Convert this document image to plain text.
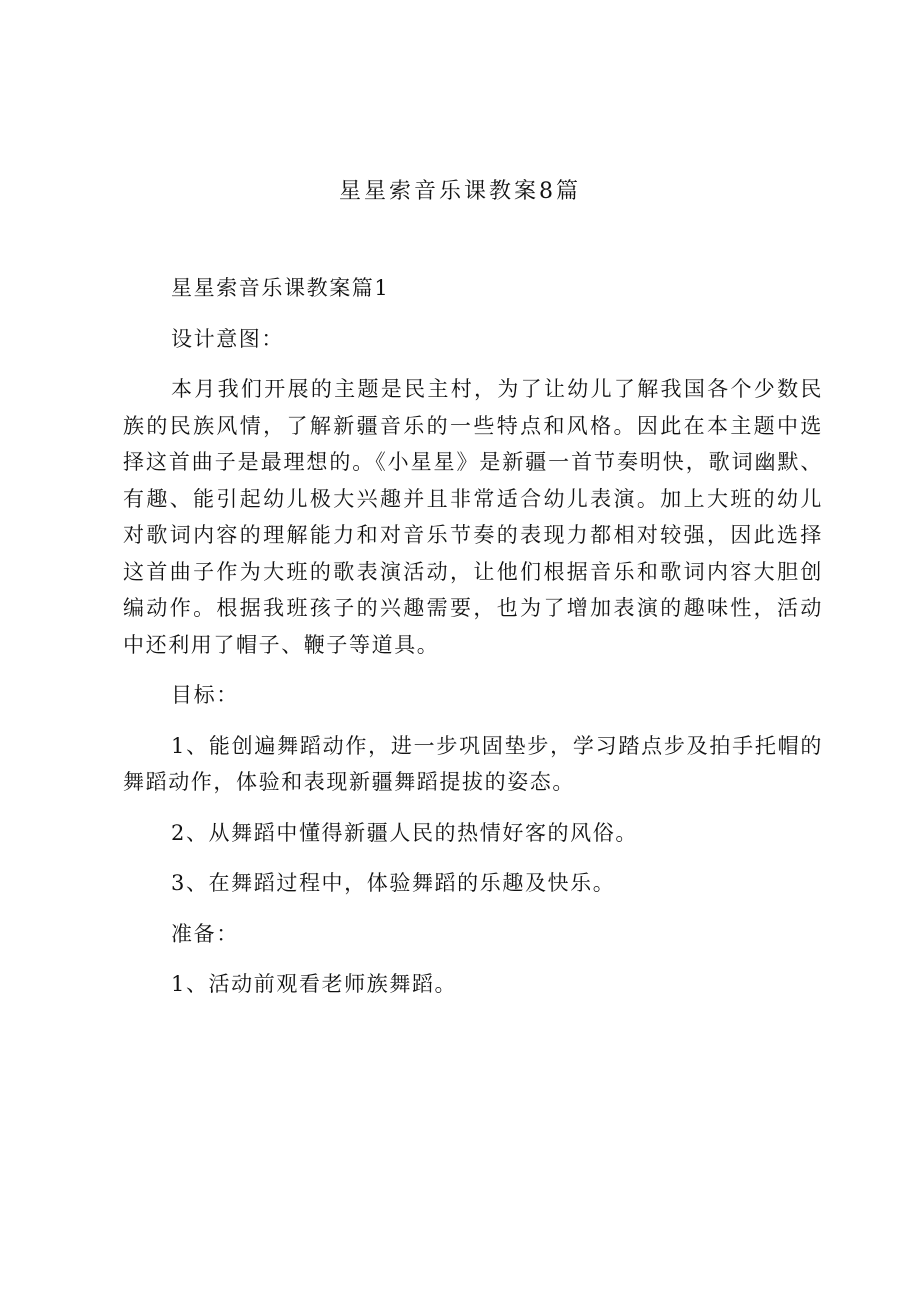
星星索音乐课教案8篇

星星索音乐课教案篇1

设计意图：

本月我们开展的主题是民主村，为了让幼儿了解我国各个少数民族的民族风情，了解新疆音乐的一些特点和风格。因此在本主题中选择这首曲子是最理想的。《小星星》是新疆一首节奏明快，歌词幽默、有趣、能引起幼儿极大兴趣并且非常适合幼儿表演。加上大班的幼儿对歌词内容的理解能力和对音乐节奏的表现力都相对较强，因此选择这首曲子作为大班的歌表演活动，让他们根据音乐和歌词内容大胆创编动作。根据我班孩子的兴趣需要，也为了增加表演的趣味性，活动中还利用了帽子、鞭子等道具。

目标：

1、能创遍舞蹈动作，进一步巩固垫步，学习踏点步及拍手托帽的舞蹈动作，体验和表现新疆舞蹈提拔的姿态。

2、从舞蹈中懂得新疆人民的热情好客的风俗。

3、在舞蹈过程中，体验舞蹈的乐趣及快乐。

准备：

1、活动前观看老师族舞蹈。
